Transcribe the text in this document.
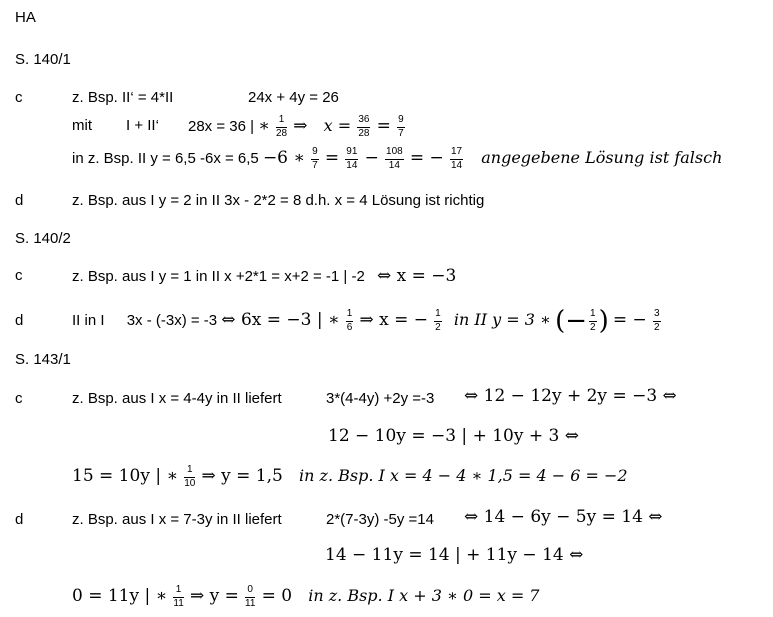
HA
S. 140/1
c	z. Bsp. II‘ = 4*II	24x + 4y = 26
mit I + II‘ 28x = 36 | ∗ $\frac{1}{28}$ ⇒ $x = \frac{36}{28} = \frac{9}{7}$
in z. Bsp. II y = 6,5 -6x = 6,5 −6 ∗ $\frac{9}{7} = \frac{91}{14} - \frac{108}{14}$ = − $\frac{17}{14}$ angegebene Lösung ist falsch
d	z. Bsp. aus I y = 2 in II 3x - 2*2 = 8 d.h. x = 4 Lösung ist richtig
S. 140/2
c	z. Bsp. aus I y = 1 in II x +2*1 = x+2 = -1 | -2 ⇔ x = −3
d	II in I 3x - (-3x) = -3 ⇔ 6x = −3 | ∗ $\frac{1}{6}$ ⇒ x = − $\frac{1}{2}$ in II y = 3 ∗ (− $\frac{1}{2}$ ) = − $\frac{3}{2}$
S. 143/1
c	z. Bsp. aus I x = 4-4y in II liefert	3*(4-4y) +2y =-3 ⇔ 12 − 12y + 2y = −3 ⇔
12 − 10y = −3 | + 10y + 3 ⇔
15 = 10y | ∗ $\frac{1}{10}$ ⇒ y = 1,5 in z. Bsp. I x = 4 − 4 ∗ 1,5 = 4 − 6 = −2
d	z. Bsp. aus I x = 7-3y in II liefert	2*(7-3y) -5y =14 ⇔ 14 − 6y − 5y = 14 ⇔
14 − 11y = 14 | + 11y − 14 ⇔
0 = 11y | ∗ $\frac{1}{11}$ ⇒ $y = \frac{0}{11} = 0$ in z. Bsp. I x + 3 ∗ 0 = x = 7
